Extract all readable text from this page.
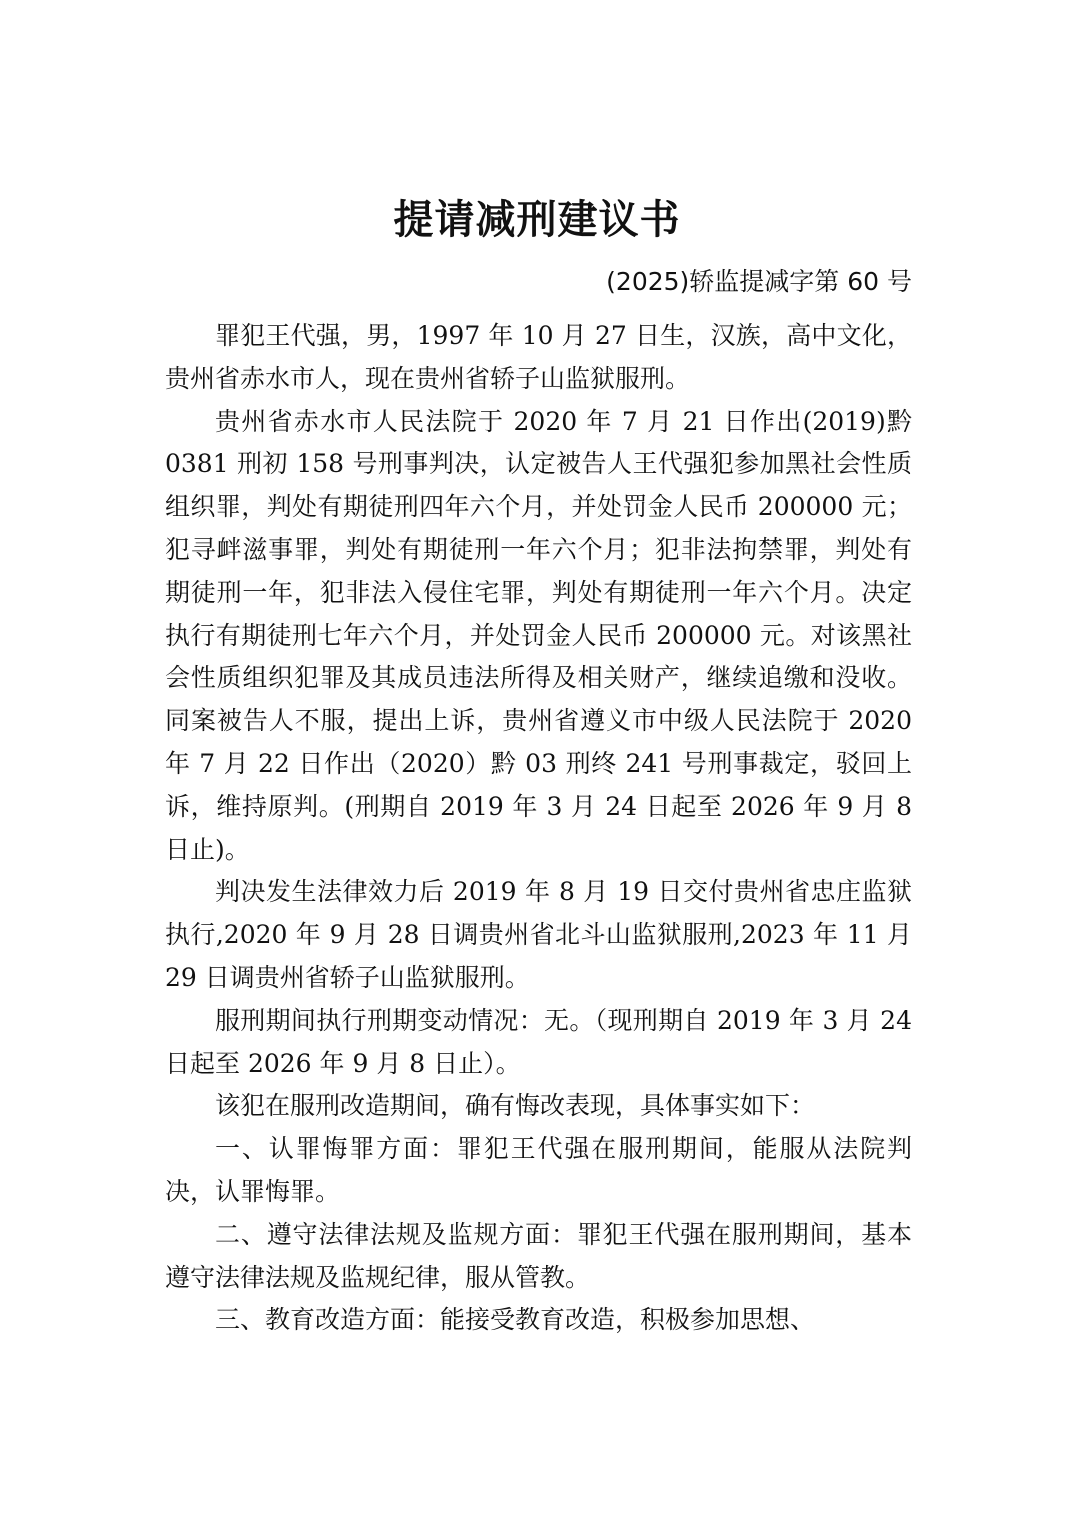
提请减刑建议书
(2025)轿监提减字第 60 号

罪犯王代强，男，1997 年 10 月 27 日生，汉族，高中文化，贵州省赤水市人，现在贵州省轿子山监狱服刑。

贵州省赤水市人民法院于 2020 年 7 月 21 日作出(2019)黔 0381 刑初 158 号刑事判决，认定被告人王代强犯参加黑社会性质组织罪，判处有期徒刑四年六个月，并处罚金人民币 200000 元；犯寻衅滋事罪，判处有期徒刑一年六个月；犯非法拘禁罪，判处有期徒刑一年，犯非法入侵住宅罪，判处有期徒刑一年六个月。决定执行有期徒刑七年六个月，并处罚金人民币 200000 元。对该黑社会性质组织犯罪及其成员违法所得及相关财产，继续追缴和没收。同案被告人不服，提出上诉，贵州省遵义市中级人民法院于 2020 年 7 月 22 日作出（2020）黔 03 刑终 241 号刑事裁定，驳回上诉，维持原判。(刑期自 2019 年 3 月 24 日起至 2026 年 9 月 8 日止)。

判决发生法律效力后 2019 年 8 月 19 日交付贵州省忠庄监狱执行,2020 年 9 月 28 日调贵州省北斗山监狱服刑,2023 年 11 月 29 日调贵州省轿子山监狱服刑。

服刑期间执行刑期变动情况：无。（现刑期自 2019 年 3 月 24 日起至 2026 年 9 月 8 日止）。

该犯在服刑改造期间，确有悔改表现，具体事实如下：

一、认罪悔罪方面：罪犯王代强在服刑期间，能服从法院判决，认罪悔罪。

二、遵守法律法规及监规方面：罪犯王代强在服刑期间，基本遵守法律法规及监规纪律，服从管教。

三、教育改造方面：能接受教育改造，积极参加思想、
